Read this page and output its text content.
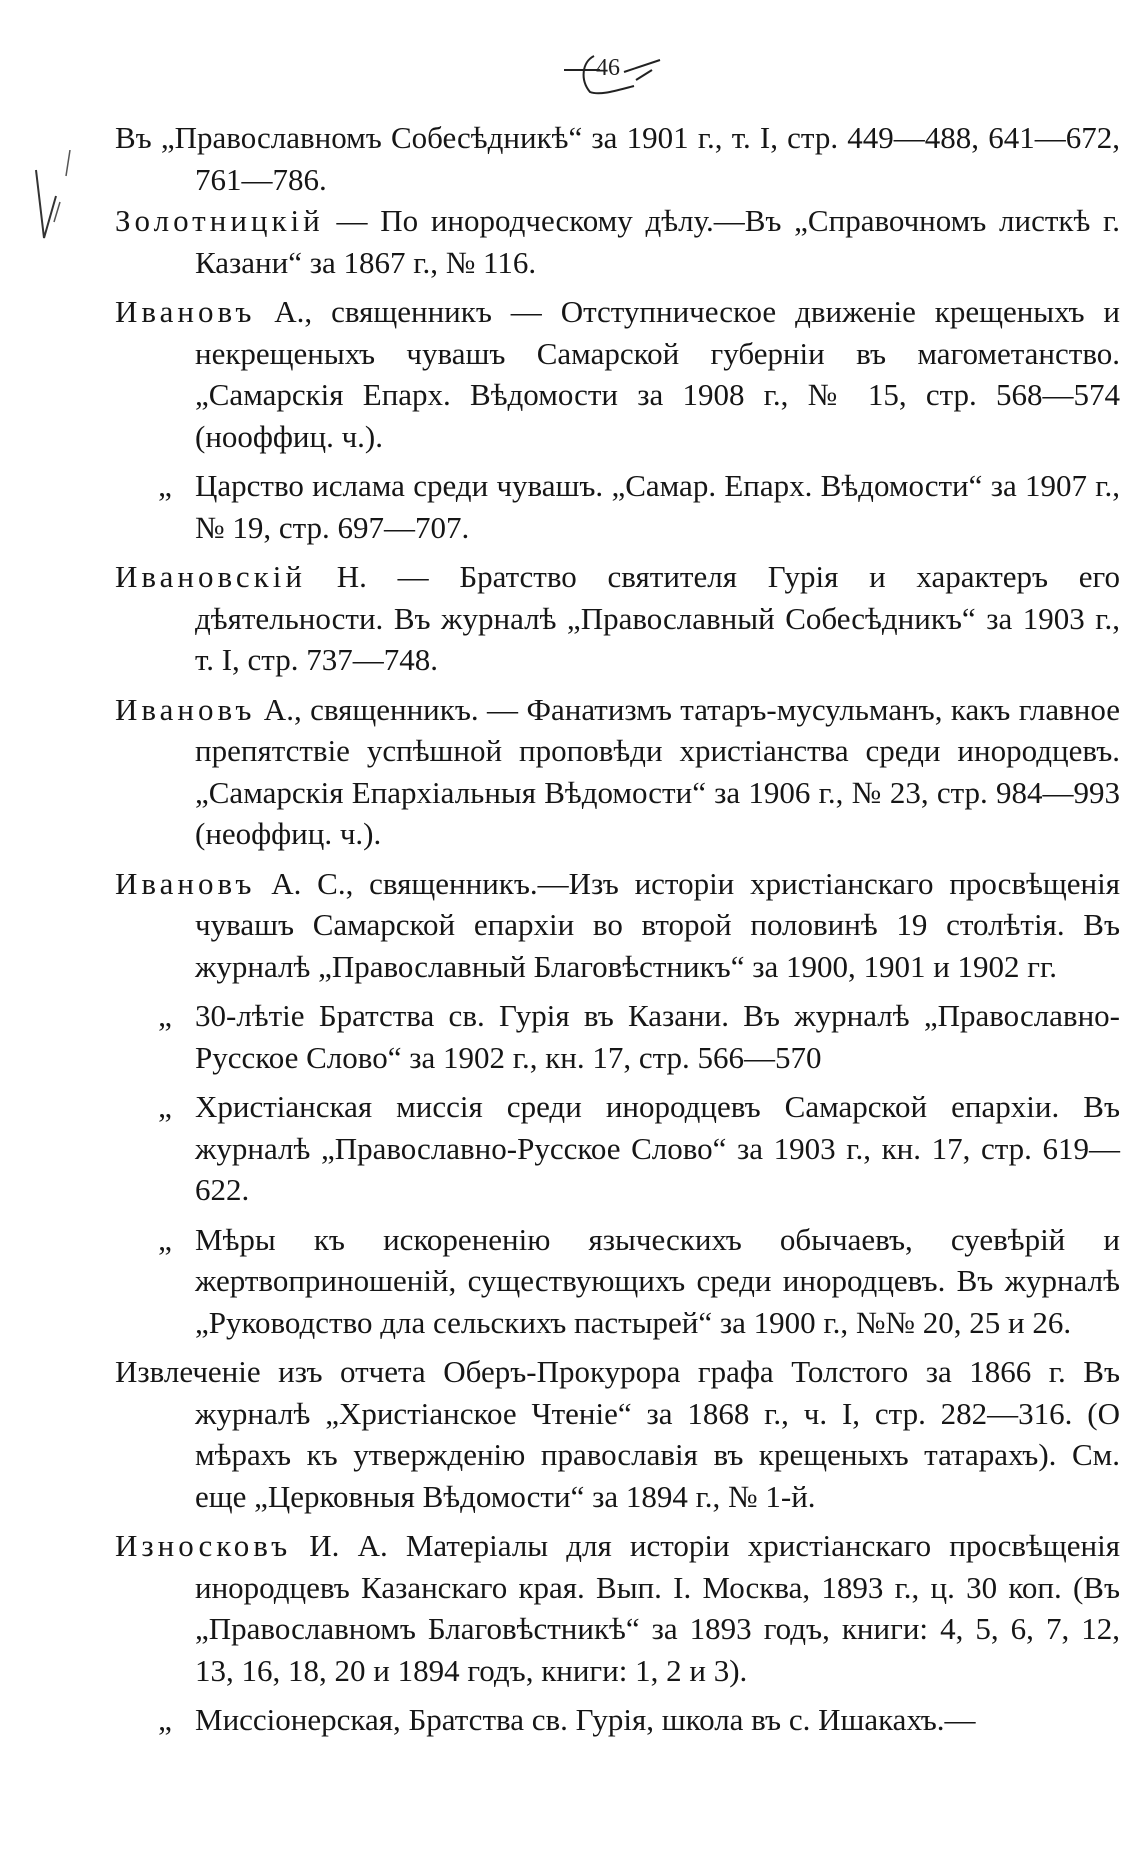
46
Въ „Православномъ Собесѣдникѣ“ за 1901 г., т. I, стр. 449—488, 641—672, 761—786.
Золотницкій — По инородческому дѣлу.—Въ „Справочномъ листкѣ г. Казани“ за 1867 г., № 116.
Ивановъ А., священникъ — Отступническое движеніе крещеныхъ и некрещеныхъ чувашъ Самарской губерніи въ магометанство. „Самарскія Епарх. Вѣдомости за 1908 г., № 15, стр. 568—574 (нооффиц. ч.).
„ Царство ислама среди чувашъ. „Самар. Епарх. Вѣдомости“ за 1907 г., № 19, стр. 697—707.
Ивановскій Н. — Братство святителя Гурія и характеръ его дѣятельности. Въ журналѣ „Православный Собесѣдникъ“ за 1903 г., т. I, стр. 737—748.
Ивановъ А., священникъ. — Фанатизмъ татаръ-мусульманъ, какъ главное препятствіе успѣшной проповѣди христіанства среди инородцевъ. „Самарскія Епархіальныя Вѣдомости“ за 1906 г., № 23, стр. 984—993 (неоффиц. ч.).
Ивановъ А. С., священникъ.—Изъ исторіи христіанскаго просвѣщенія чувашъ Самарской епархіи во второй половинѣ 19 столѣтія. Въ журналѣ „Православный Благовѣстникъ“ за 1900, 1901 и 1902 гг.
„ 30-лѣтіе Братства св. Гурія въ Казани. Въ журналѣ „Православно-Русское Слово“ за 1902 г., кн. 17, стр. 566—570
„ Христіанская миссія среди инородцевъ Самарской епархіи. Въ журналѣ „Православно-Русское Слово“ за 1903 г., кн. 17, стр. 619—622.
„ Мѣры къ искорененію языческихъ обычаевъ, суевѣрій и жертвоприношеній, существующихъ среди инородцевъ. Въ журналѣ „Руководство дла сельскихъ пастырей“ за 1900 г., №№ 20, 25 и 26.
Извлеченіе изъ отчета Оберъ-Прокурора графа Толстого за 1866 г. Въ журналѣ „Христіанское Чтеніе“ за 1868 г., ч. I, стр. 282—316. (О мѣрахъ къ утвержденію православія въ крещеныхъ татарахъ). См. еще „Церковныя Вѣдомости“ за 1894 г., № 1-й.
Износковъ И. А. Матеріалы для исторіи христіанскаго просвѣщенія инородцевъ Казанскаго края. Вып. I. Москва, 1893 г., ц. 30 коп. (Въ „Православномъ Благовѣстникѣ“ за 1893 годъ, книги: 4, 5, 6, 7, 12, 13, 16, 18, 20 и 1894 годъ, книги: 1, 2 и 3).
„ Миссіонерская, Братства св. Гурія, школа въ с. Ишакахъ.—
